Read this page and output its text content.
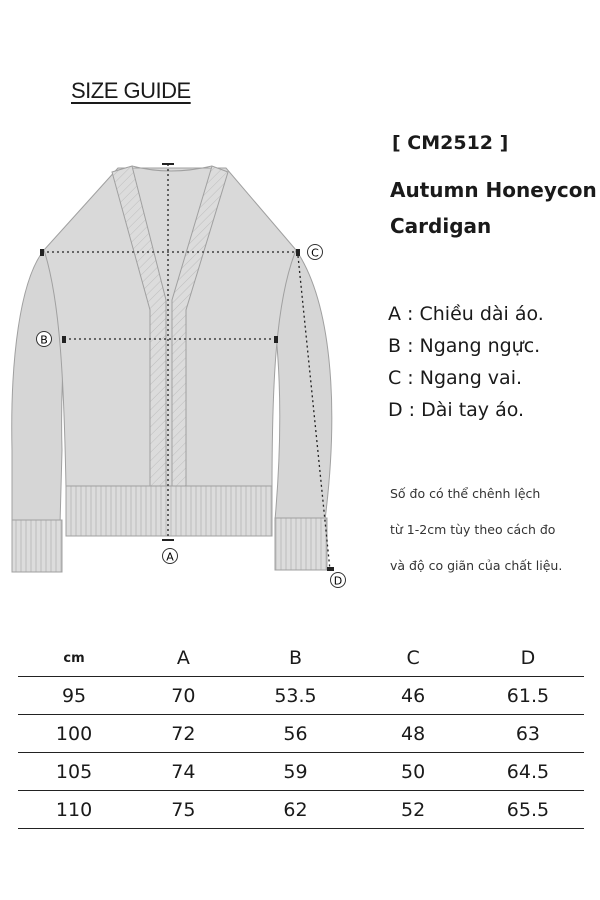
SIZE GUIDE
[ CM2512 ]
Autumn Honeycon
Cardigan
A : Chiều dài áo.
B : Ngang ngực.
C : Ngang vai.
D : Dài tay áo.
Số đo có thể chênh lệch
từ 1-2cm tùy theo cách đo
và độ co giãn của chất liệu.
A
B
C
D
cm	A	B	C	D
95	70	53.5	46	61.5
100	72	56	48	63
105	74	59	50	64.5
110	75	62	52	65.5
